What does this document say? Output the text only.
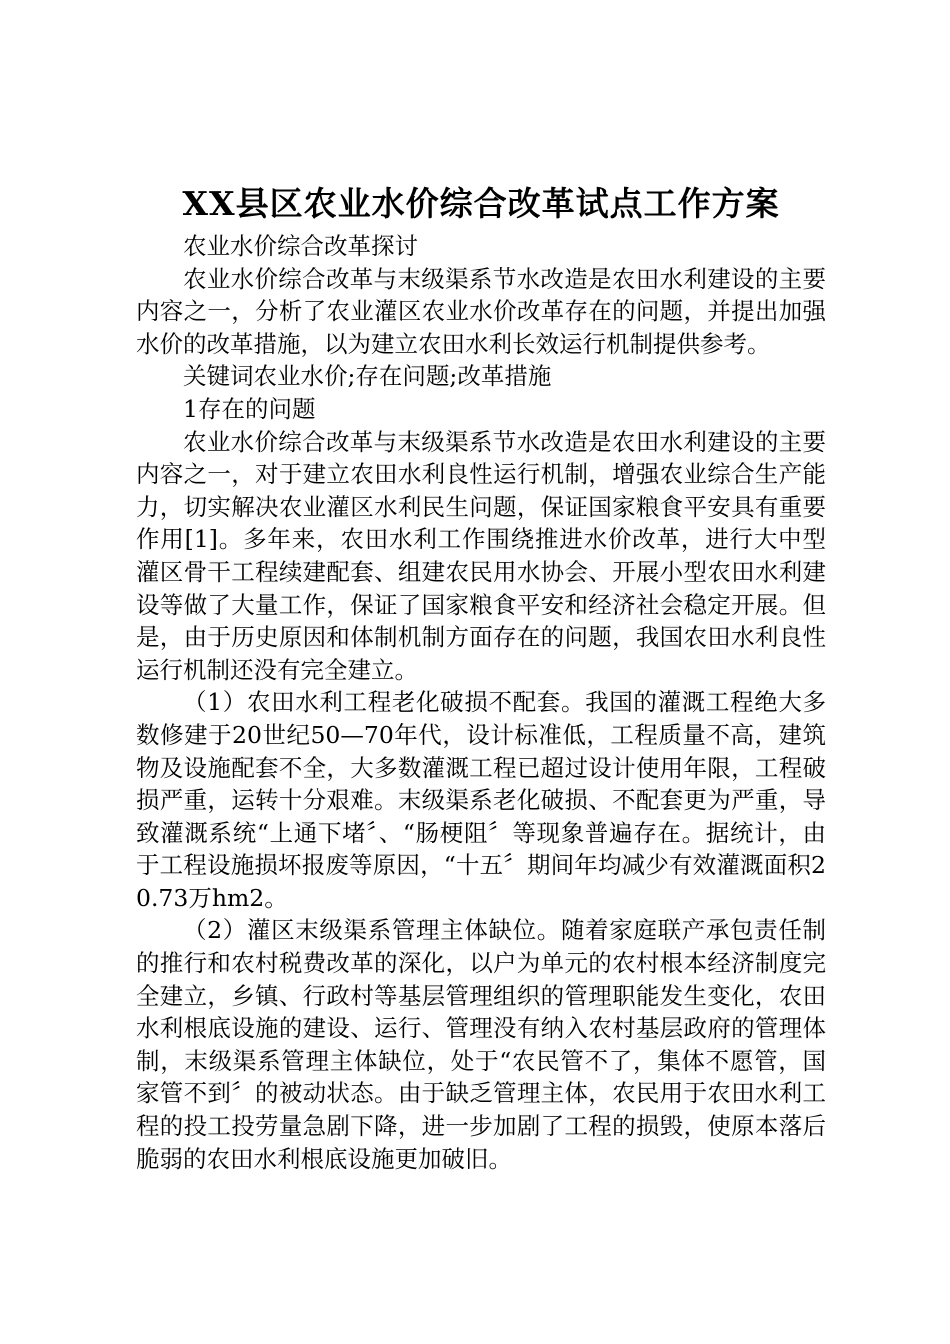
XX县区农业水价综合改革试点工作方案

农业水价综合改革探讨

农业水价综合改革与末级渠系节水改造是农田水利建设的主要内容之一，分析了农业灌区农业水价改革存在的问题，并提出加强水价的改革措施，以为建立农田水利长效运行机制提供参考。

关键词农业水价;存在问题;改革措施

1存在的问题

农业水价综合改革与末级渠系节水改造是农田水利建设的主要内容之一，对于建立农田水利良性运行机制，增强农业综合生产能力，切实解决农业灌区水利民生问题，保证国家粮食平安具有重要作用[1]。多年来，农田水利工作围绕推进水价改革，进行大中型灌区骨干工程续建配套、组建农民用水协会、开展小型农田水利建设等做了大量工作，保证了国家粮食平安和经济社会稳定开展。但是，由于历史原因和体制机制方面存在的问题，我国农田水利良性运行机制还没有完全建立。

（1）农田水利工程老化破损不配套。我国的灌溉工程绝大多数修建于20世纪50—70年代，设计标准低，工程质量不高，建筑物及设施配套不全，大多数灌溉工程已超过设计使用年限，工程破损严重，运转十分艰难。末级渠系老化破损、不配套更为严重，导致灌溉系统“上通下堵〞、“肠梗阻〞等现象普遍存在。据统计，由于工程设施损坏报废等原因，“十五〞期间年均减少有效灌溉面积20.73万hm2。

（2）灌区末级渠系管理主体缺位。随着家庭联产承包责任制的推行和农村税费改革的深化，以户为单元的农村根本经济制度完全建立，乡镇、行政村等基层管理组织的管理职能发生变化，农田水利根底设施的建设、运行、管理没有纳入农村基层政府的管理体制，末级渠系管理主体缺位，处于“农民管不了，集体不愿管，国家管不到〞的被动状态。由于缺乏管理主体，农民用于农田水利工程的投工投劳量急剧下降，进一步加剧了工程的损毁，使原本落后脆弱的农田水利根底设施更加破旧。
